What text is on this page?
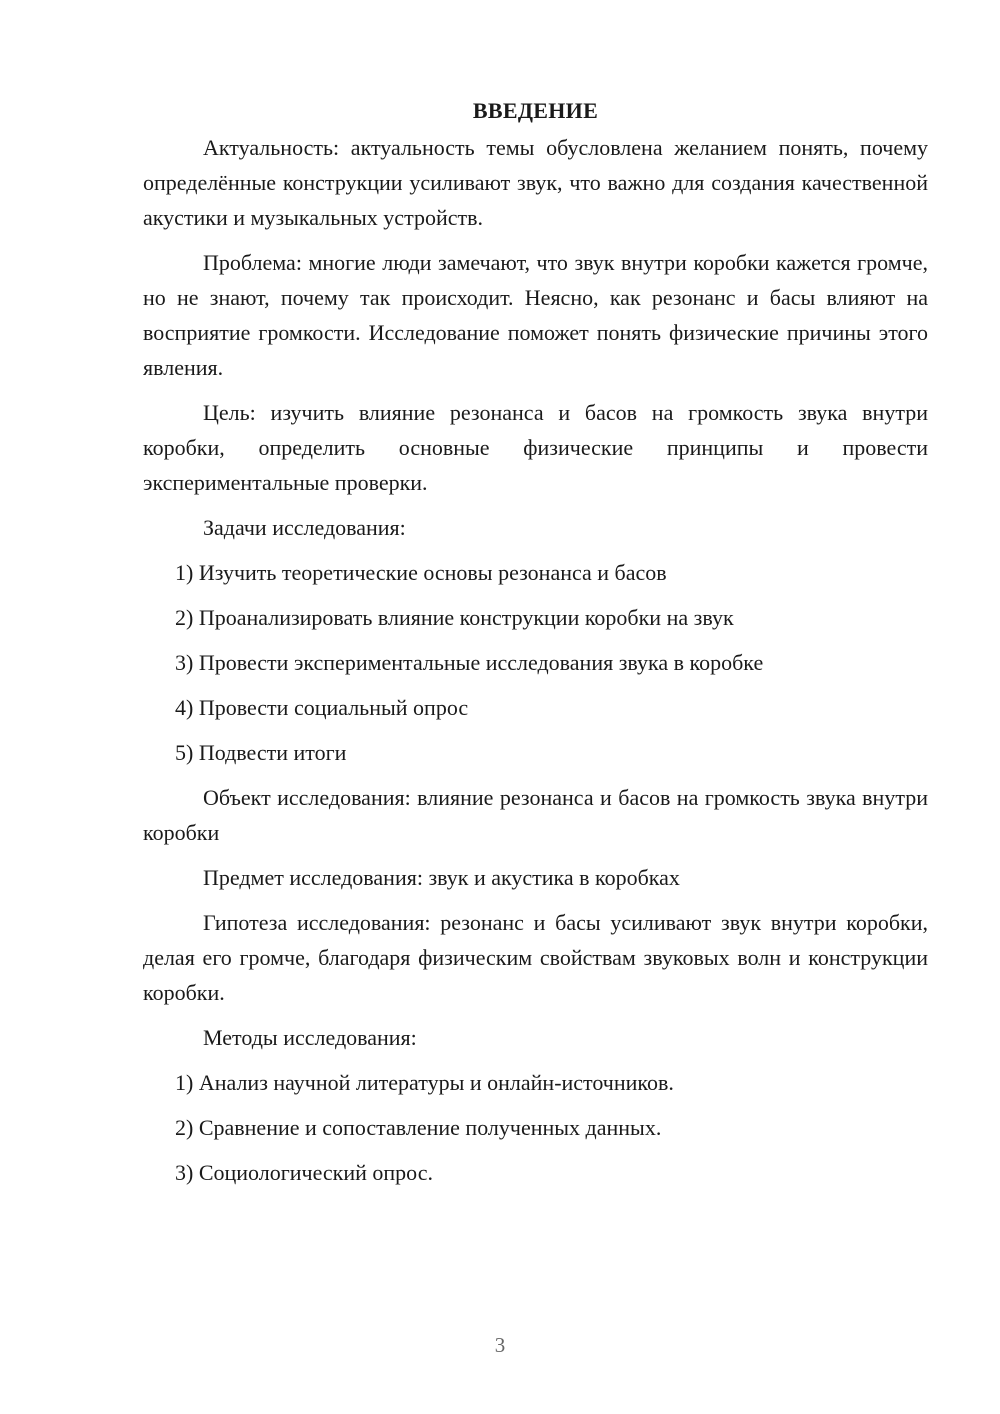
ВВЕДЕНИЕ

Актуальность: актуальность темы обусловлена желанием понять, почему определённые конструкции усиливают звук, что важно для создания качественной акустики и музыкальных устройств.

Проблема: многие люди замечают, что звук внутри коробки кажется громче, но не знают, почему так происходит. Неясно, как резонанс и басы влияют на восприятие громкости. Исследование поможет понять физические причины этого явления.

Цель: изучить влияние резонанса и басов на громкость звука внутри коробки, определить основные физические принципы и провести экспериментальные проверки.

Задачи исследования:

1) Изучить теоретические основы резонанса и басов

2) Проанализировать влияние конструкции коробки на звук

3) Провести экспериментальные исследования звука в коробке

4) Провести социальный опрос

5) Подвести итоги

Объект исследования: влияние резонанса и басов на громкость звука внутри коробки

Предмет исследования: звук и акустика в коробках

Гипотеза исследования: резонанс и басы усиливают звук внутри коробки, делая его громче, благодаря физическим свойствам звуковых волн и конструкции коробки.

Методы исследования:

1) Анализ научной литературы и онлайн-источников.

2) Сравнение и сопоставление полученных данных.

3) Социологический опрос.

3
